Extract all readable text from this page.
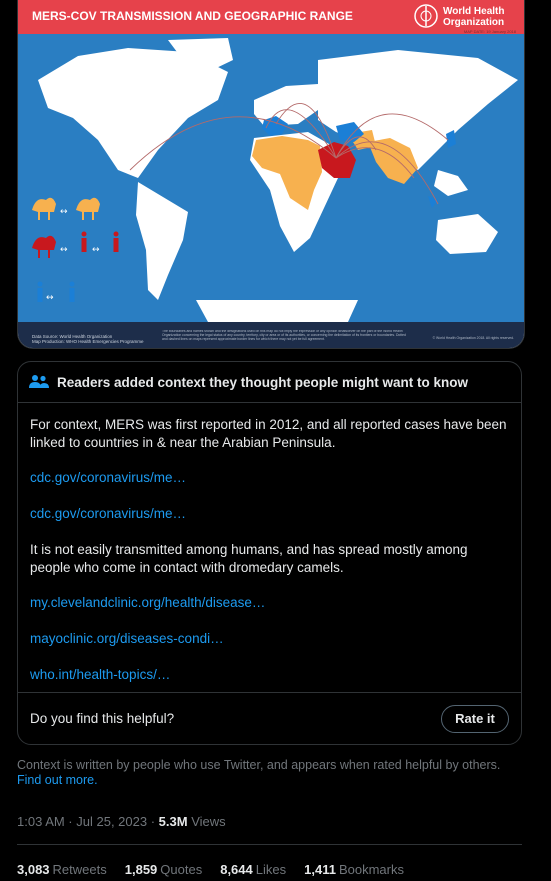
MERS-COV TRANSMISSION AND GEOGRAPHIC RANGE	World Health
Organization
MAP DATE: 19 January 2018
↔
↔	↔
↔
Data Source: World Health Organization
Map Production: WHO Health Emergencies Programme
The boundaries and names shown and the designations used on this map do not imply the expression of any opinion whatsoever on the part of the World Health Organization concerning the legal status of any country, territory, city or area or of its authorities, or concerning the delimitation of its frontiers or boundaries. Dotted and dashed lines on maps represent approximate border lines for which there may not yet be full agreement.	© World Health Organization 2018. All rights reserved.
Readers added context they thought people might want to know

For context, MERS was first reported in 2012, and all reported cases have been linked to countries in & near the Arabian Peninsula.

cdc.gov/coronavirus/me…
cdc.gov/coronavirus/me…

It is not easily transmitted among humans, and has spread mostly among people who come in contact with dromedary camels.

my.clevelandclinic.org/health/disease…
mayoclinic.org/diseases-condi…
who.int/health-topics/…
Do you find this helpful?	Rate it
Context is written by people who use Twitter, and appears when rated helpful by others. Find out more.
1:03 AM · Jul 25, 2023 · 5.3M Views
3,083 Retweets 1,859 Quotes 8,644 Likes 1,411 Bookmarks
